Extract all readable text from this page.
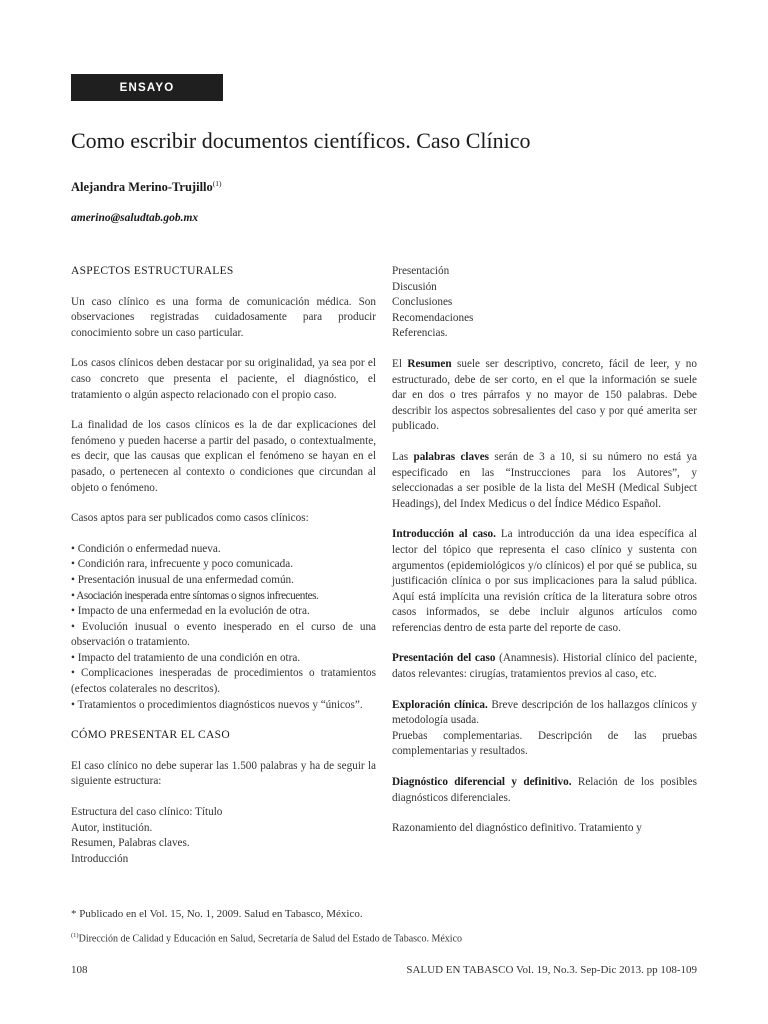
ENSAYO
Como escribir documentos científicos. Caso Clínico
Alejandra Merino-Trujillo$^{(1)}$
amerino@saludtab.gob.mx
ASPECTOS ESTRUCTURALES

Un caso clínico es una forma de comunicación médica. Son observaciones registradas cuidadosamente para producir conocimiento sobre un caso particular.

Los casos clínicos deben destacar por su originalidad, ya sea por el caso concreto que presenta el paciente, el diagnóstico, el tratamiento o algún aspecto relacionado con el propio caso.

La finalidad de los casos clínicos es la de dar explicaciones del fenómeno y pueden hacerse a partir del pasado, o contextualmente, es decir, que las causas que explican el fenómeno se hayan en el pasado, o pertenecen al contexto o condiciones que circundan al objeto o fenómeno.

Casos aptos para ser publicados como casos clínicos:

• Condición o enfermedad nueva.
• Condición rara, infrecuente y poco comunicada.
• Presentación inusual de una enfermedad común.
• Asociación inesperada entre síntomas o signos infrecuentes.
• Impacto de una enfermedad en la evolución de otra.
• Evolución inusual o evento inesperado en el curso de una observación o tratamiento.
• Impacto del tratamiento de una condición en otra.
• Complicaciones inesperadas de procedimientos o tratamientos (efectos colaterales no descritos).
• Tratamientos o procedimientos diagnósticos nuevos y “únicos”.
CÓMO PRESENTAR EL CASO

El caso clínico no debe superar las 1.500 palabras y ha de seguir la siguiente estructura:

Estructura del caso clínico: Título
Autor, institución.
Resumen, Palabras claves.
Introducción
Presentación
Discusión
Conclusiones
Recomendaciones
Referencias.

El Resumen suele ser descriptivo, concreto, fácil de leer, y no estructurado, debe de ser corto, en el que la información se suele dar en dos o tres párrafos y no mayor de 150 palabras. Debe describir los aspectos sobresalientes del caso y por qué amerita ser publicado.

Las palabras claves serán de 3 a 10, si su número no está ya especificado en las “Instrucciones para los Autores”, y seleccionadas a ser posible de la lista del MeSH (Medical Subject Headings), del Index Medicus o del Índice Médico Español.

Introducción al caso. La introducción da una idea específica al lector del tópico que representa el caso clínico y sustenta con argumentos (epidemiológicos y/o clínicos) el por qué se publica, su justificación clínica o por sus implicaciones para la salud pública. Aquí está implícita una revisión crítica de la literatura sobre otros casos informados, se debe incluir algunos artículos como referencias dentro de esta parte del reporte de caso.

Presentación del caso (Anamnesis). Historial clínico del paciente, datos relevantes: cirugías, tratamientos previos al caso, etc.

Exploración clínica. Breve descripción de los hallazgos clínicos y metodología usada.
Pruebas complementarias. Descripción de las pruebas complementarias y resultados.

Diagnóstico diferencial y definitivo. Relación de los posibles diagnósticos diferenciales.

Razonamiento del diagnóstico definitivo. Tratamiento y

* Publicado en el Vol. 15, No. 1, 2009. Salud en Tabasco, México.

$^{(1)}$Dirección de Calidad y Educación en Salud, Secretaría de Salud del Estado de Tabasco. México

108	SALUD EN TABASCO Vol. 19, No.3. Sep-Dic 2013. pp 108-109
